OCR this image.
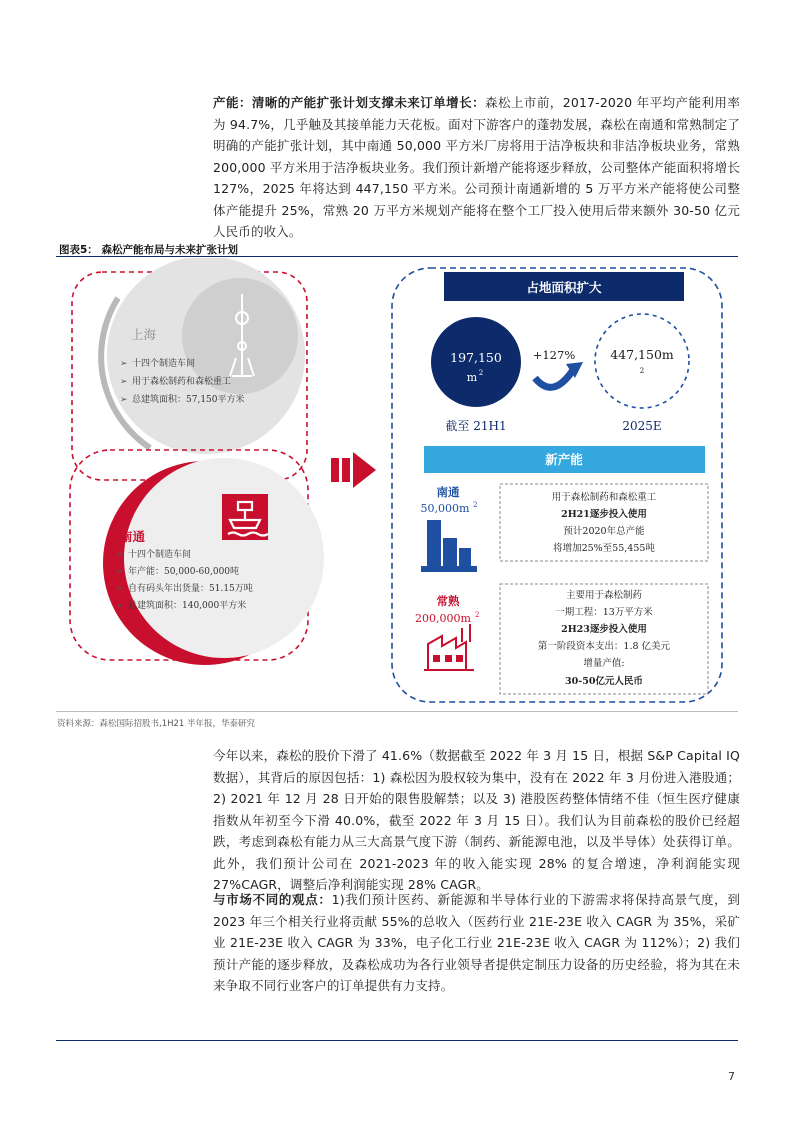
产能：清晰的产能扩张计划支撑未来订单增长：森松上市前，2017-2020 年平均产能利用率为 94.7%，几乎触及其接单能力天花板。面对下游客户的蓬勃发展，森松在南通和常熟制定了明确的产能扩张计划，其中南通 50,000 平方米厂房将用于洁净板块和非洁净板块业务，常熟 200,000 平方米用于洁净板块业务。我们预计新增产能将逐步释放，公司整体产能面积将增长 127%，2025 年将达到 447,150 平方米。公司预计南通新增的 5 万平方米产能将使公司整体产能提升 25%，常熟 20 万平方米规划产能将在整个工厂投入使用后带来额外 30-50 亿元人民币的收入。
图表5： 森松产能布局与未来扩张计划
资料来源：森松国际招股书,1H21 半年报，华泰研究
上海
➢ 十四个制造车间
➢ 用于森松制药和森松重工
➢ 总建筑面积：57,150平方米
南通
➢ 十四个制造车间
➢ 年产能：50,000-60,000吨
➢ 自有码头年出货量：51.15万吨
➢ 总建筑面积：140,000平方米
占地面积扩大
197,150
m 2
截至 21H1
+127%	447,150m
2
2025E
新产能
南通
50,000m 2
用于森松制药和森松重工
2H21逐步投入使用
预计2020年总产能
将增加25%至55,455吨
常熟
200,000m 2
主要用于森松制药
一期工程：13万平方米
2H23逐步投入使用
第一阶段资本支出：1.8 亿美元
增量产值:
30-50亿元人民币
今年以来，森松的股价下滑了 41.6%（数据截至 2022 年 3 月 15 日，根据 S&P Capital IQ 数据），其背后的原因包括：1) 森松因为股权较为集中，没有在 2022 年 3 月份进入港股通；2) 2021 年 12 月 28 日开始的限售股解禁；以及 3) 港股医药整体情绪不佳（恒生医疗健康指数从年初至今下滑 40.0%，截至 2022 年 3 月 15 日）。我们认为目前森松的股价已经超跌，考虑到森松有能力从三大高景气度下游（制药、新能源电池，以及半导体）处获得订单。此外，我们预计公司在 2021-2023 年的收入能实现 28% 的复合增速，净利润能实现 27%CAGR，调整后净利润能实现 28% CAGR。
与市场不同的观点：1)我们预计医药、新能源和半导体行业的下游需求将保持高景气度，到 2023 年三个相关行业将贡献 55%的总收入（医药行业 21E-23E 收入 CAGR 为 35%，采矿业 21E-23E 收入 CAGR 为 33%，电子化工行业 21E-23E 收入 CAGR 为 112%）；2) 我们预计产能的逐步释放，及森松成功为各行业领导者提供定制压力设备的历史经验，将为其在未来争取不同行业客户的订单提供有力支持。
7
